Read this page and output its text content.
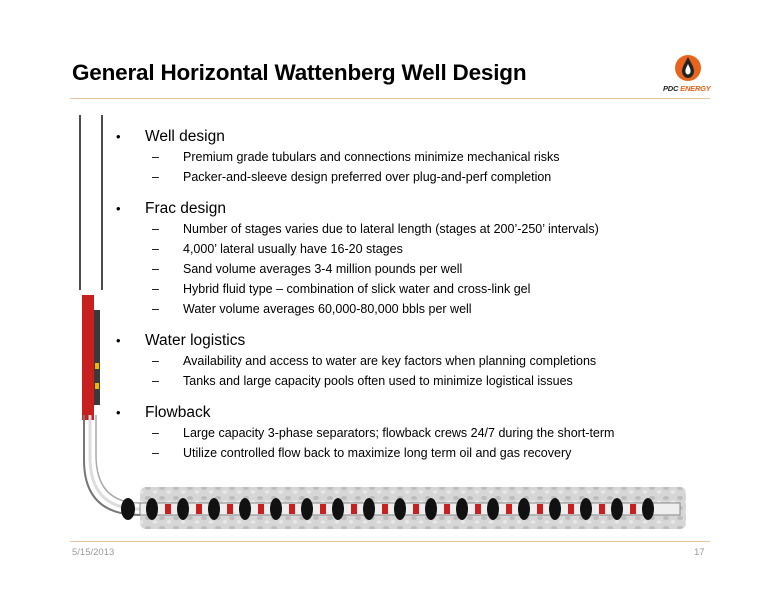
General Horizontal Wattenberg Well Design
PDC ENERGY
•	Well design
–	Premium grade tubulars and connections minimize mechanical risks
–	Packer-and-sleeve design preferred over plug-and-perf completion
•	Frac design
–	Number of stages varies due to lateral length (stages at 200’-250’ intervals)
–	4,000’ lateral usually have 16-20 stages
–	Sand volume averages 3-4 million pounds per well
–	Hybrid fluid type – combination of slick water and cross-link gel
–	Water volume averages 60,000-80,000 bbls per well
•	Water logistics
–	Availability and access to water are key factors when planning completions
–	Tanks and large capacity pools often used to minimize logistical issues
•	Flowback
–	Large capacity 3-phase separators; flowback crews 24/7 during the short-term
–	Utilize controlled flow back to maximize long term oil and gas recovery
5/15/2013	17
